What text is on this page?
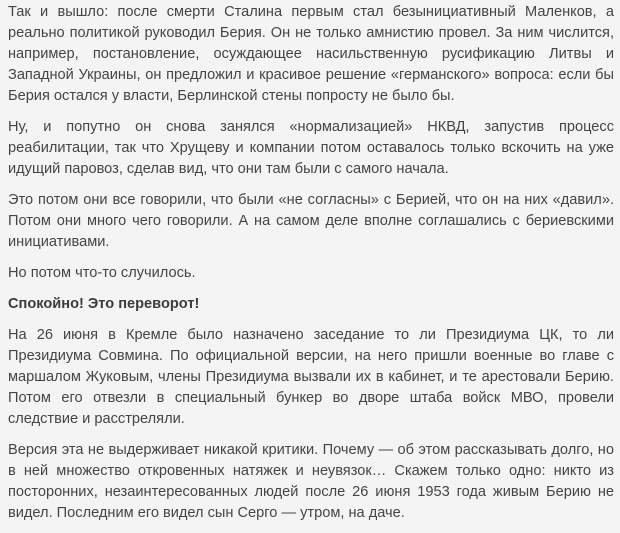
Так и вышло: после смерти Сталина первым стал безынициативный Маленков, а реально политикой руководил Берия. Он не только амнистию провел. За ним числится, например, постановление, осуждающее насильственную русификацию Литвы и Западной Украины, он предложил и красивое решение «германского» вопроса: если бы Берия остался у власти, Берлинской стены попросту не было бы.

Ну, и попутно он снова занялся «нормализацией» НКВД, запустив процесс реабилитации, так что Хрущеву и компании потом оставалось только вскочить на уже идущий паровоз, сделав вид, что они там были с самого начала.

Это потом они все говорили, что были «не согласны» с Берией, что он на них «давил». Потом они много чего говорили. А на самом деле вполне соглашались с бериевскими инициативами.

Но потом что-то случилось.

Спокойно! Это переворот!

На 26 июня в Кремле было назначено заседание то ли Президиума ЦК, то ли Президиума Совмина. По официальной версии, на него пришли военные во главе с маршалом Жуковым, члены Президиума вызвали их в кабинет, и те арестовали Берию. Потом его отвезли в специальный бункер во дворе штаба войск МВО, провели следствие и расстреляли.

Версия эта не выдерживает никакой критики. Почему — об этом рассказывать долго, но в ней множество откровенных натяжек и неувязок… Скажем только одно: никто из посторонних, незаинтересованных людей после 26 июня 1953 года живым Берию не видел. Последним его видел сын Серго — утром, на даче.
